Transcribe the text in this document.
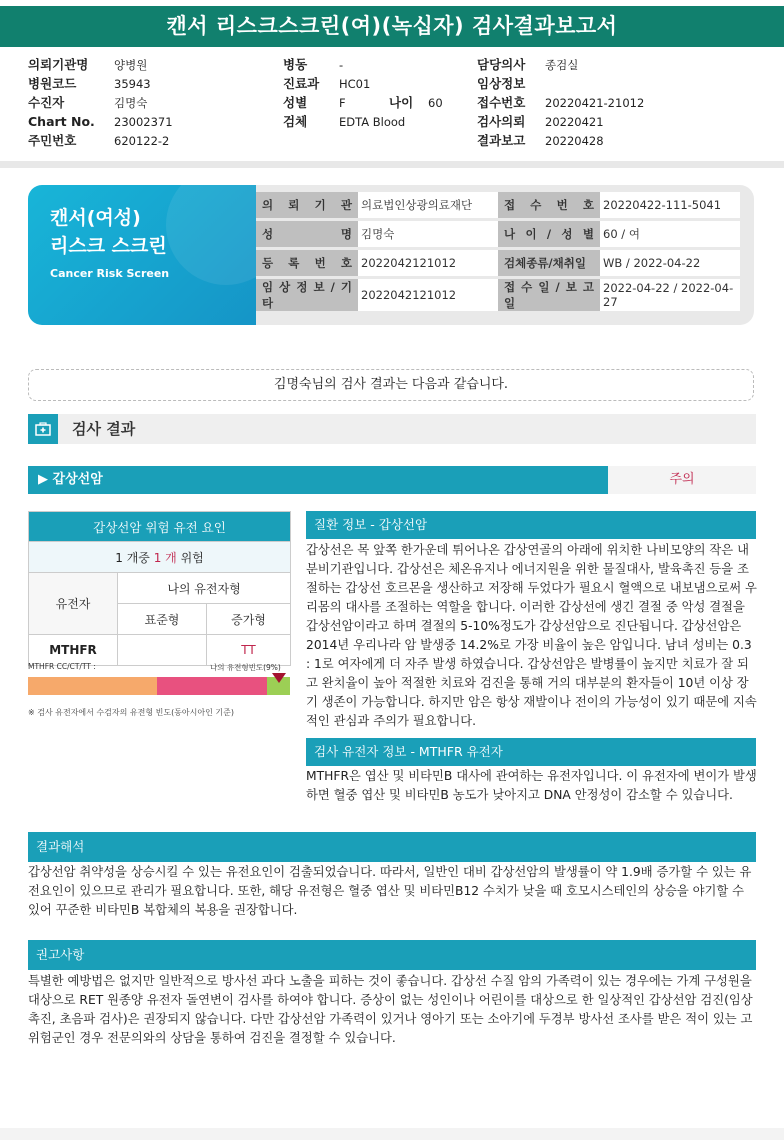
캔서 리스크스크린(여)(녹십자) 검사결과보고서
의뢰기관명 양병원
병원코드	35943
수진자	김명숙
Chart No. 23002371
주민번호	620122-2
병동	-
진료과 HC01
성별	F	나이 60
검체	EDTA Blood
담당의사 종검실
임상정보
접수번호 20220421-21012
검사의뢰 20220421
결과보고 20220428
캔서(여성)
리스크 스크린
Cancer Risk Screen
의 뢰 기 관	의료법인상광의료재단	접 수 번 호	20220422-111-5041
성 명	김명숙	나 이 / 성 별	60 / 여
등 록 번 호	2022042121012	검체종류/채취일	WB / 2022-04-22
임 상 정 보 / 기 타	2022042121012	접 수 일 / 보 고 일	2022-04-22 / 2022-04-27
김명숙님의 검사 결과는 다음과 같습니다.
검사 결과
▶ 갑상선암	주의
갑상선암 위험 유전 요인		
1 개중 1 개 위험		
유전자	나의 유전자형	
	표준형	증가형
MTHFR		TT
MTHFR CC/CT/TT :	나의 유전형빈도(9%)
※ 검사 유전자에서 수검자의 유전형 빈도(동아시아인 기준)
질환 정보 - 갑상선암
갑상선은 목 앞쪽 한가운데 튀어나온 갑상연골의 아래에 위치한 나비모양의 작은 내분비기관입니다. 갑상선은 체온유지나 에너지원을 위한 물질대사, 발육촉진 등을 조절하는 갑상선 호르몬을 생산하고 저장해 두었다가 필요시 혈액으로 내보냄으로써 우리몸의 대사를 조절하는 역할을 합니다. 이러한 갑상선에 생긴 결절 중 악성 결절을 갑상선암이라고 하며 결절의 5-10%정도가 갑상선암으로 진단됩니다. 갑상선암은 2014년 우리나라 암 발생중 14.2%로 가장 비율이 높은 암입니다. 남녀 성비는 0.3 : 1로 여자에게 더 자주 발생 하였습니다. 갑상선암은 발병률이 높지만 치료가 잘 되고 완치율이 높아 적절한 치료와 검진을 통해 거의 대부분의 환자들이 10년 이상 장기 생존이 가능합니다. 하지만 암은 항상 재발이나 전이의 가능성이 있기 때문에 지속적인 관심과 주의가 필요합니다.
검사 유전자 정보 - MTHFR 유전자
MTHFR은 엽산 및 비타민B 대사에 관여하는 유전자입니다. 이 유전자에 변이가 발생하면 혈중 엽산 및 비타민B 농도가 낮아지고 DNA 안정성이 감소할 수 있습니다.
결과해석
갑상선암 취약성을 상승시킬 수 있는 유전요인이 검출되었습니다. 따라서, 일반인 대비 갑상선암의 발생률이 약 1.9배 증가할 수 있는 유전요인이 있으므로 관리가 필요합니다. 또한, 해당 유전형은 혈중 엽산 및 비타민B12 수치가 낮을 때 호모시스테인의 상승을 야기할 수 있어 꾸준한 비타민B 복합체의 복용을 권장합니다.
권고사항
특별한 예방법은 없지만 일반적으로 방사선 과다 노출을 피하는 것이 좋습니다. 갑상선 수질 암의 가족력이 있는 경우에는 가계 구성원을 대상으로 RET 원종양 유전자 돌연변이 검사를 하여야 합니다. 증상이 없는 성인이나 어린이를 대상으로 한 일상적인 갑상선암 검진(임상 촉진, 초음파 검사)은 권장되지 않습니다. 다만 갑상선암 가족력이 있거나 영아기 또는 소아기에 두경부 방사선 조사를 받은 적이 있는 고위험군인 경우 전문의와의 상담을 통하여 검진을 결정할 수 있습니다.
